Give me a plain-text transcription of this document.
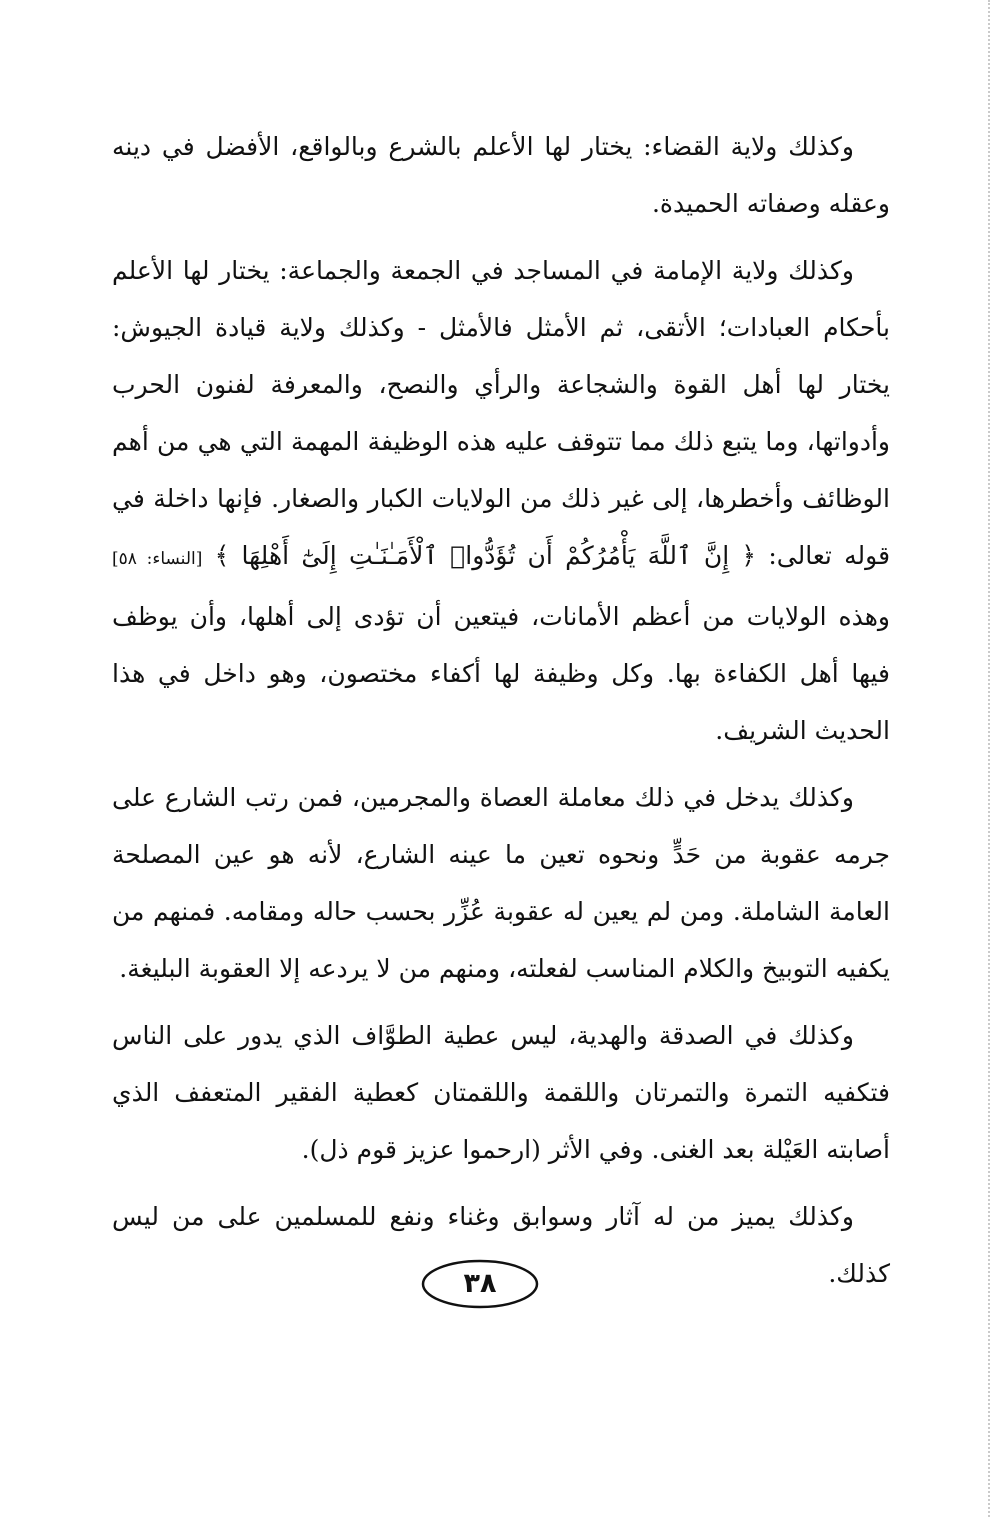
وكذلك ولاية القضاء: يختار لها الأعلم بالشرع وبالواقع، الأفضل في دينه وعقله وصفاته الحميدة.

وكذلك ولاية الإمامة في المساجد في الجمعة والجماعة: يختار لها الأعلم بأحكام العبادات؛ الأتقى، ثم الأمثل فالأمثل - وكذلك ولاية قيادة الجيوش: يختار لها أهل القوة والشجاعة والرأي والنصح، والمعرفة لفنون الحرب وأدواتها، وما يتبع ذلك مما تتوقف عليه هذه الوظيفة المهمة التي هي من أهم الوظائف وأخطرها، إلى غير ذلك من الولايات الكبار والصغار. فإنها داخلة في قوله تعالى: ﴿ إِنَّ ٱللَّهَ يَأْمُرُكُمْ أَن تُؤَدُّوا۟ ٱلْأَمَـٰنَـٰتِ إِلَىٰٓ أَهْلِهَا ﴾ [النساء: ٥٨] وهذه الولايات من أعظم الأمانات، فيتعين أن تؤدى إلى أهلها، وأن يوظف فيها أهل الكفاءة بها. وكل وظيفة لها أكفاء مختصون، وهو داخل في هذا الحديث الشريف.

وكذلك يدخل في ذلك معاملة العصاة والمجرمين، فمن رتب الشارع على جرمه عقوبة من حَدٍّ ونحوه تعين ما عينه الشارع، لأنه هو عين المصلحة العامة الشاملة. ومن لم يعين له عقوبة عُزِّر بحسب حاله ومقامه. فمنهم من يكفيه التوبيخ والكلام المناسب لفعلته، ومنهم من لا يردعه إلا العقوبة البليغة.

وكذلك في الصدقة والهدية، ليس عطية الطوَّاف الذي يدور على الناس فتكفيه التمرة والتمرتان واللقمة واللقمتان كعطية الفقير المتعفف الذي أصابته العَيْلة بعد الغنى. وفي الأثر (ارحموا عزيز قوم ذل).

وكذلك يميز من له آثار وسوابق وغناء ونفع للمسلمين على من ليس كذلك.

٣٨
